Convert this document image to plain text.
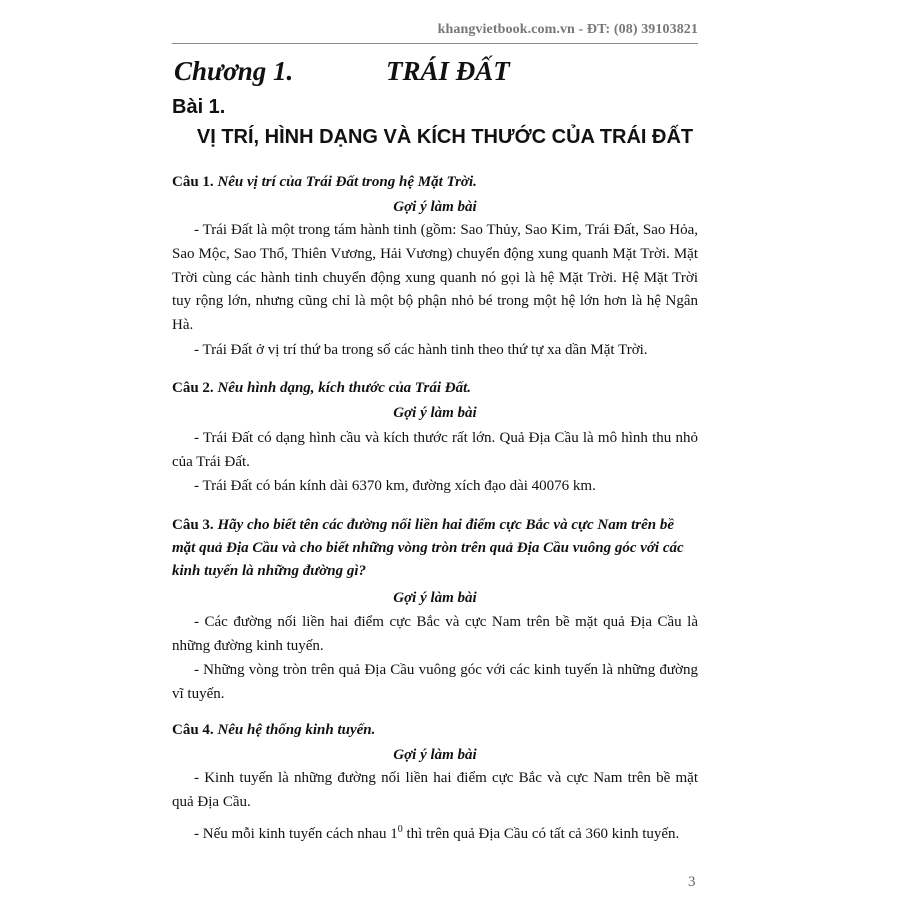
khangvietbook.com.vn - ĐT: (08) 39103821
Chương 1.	TRÁI ĐẤT
Bài 1.
VỊ TRÍ, HÌNH DẠNG VÀ KÍCH THƯỚC CỦA TRÁI ĐẤT
Câu 1. Nêu vị trí của Trái Đất trong hệ Mặt Trời.
Gợi ý làm bài
- Trái Đất là một trong tám hành tinh (gồm: Sao Thủy, Sao Kim, Trái Đất, Sao Hỏa, Sao Mộc, Sao Thổ, Thiên Vương, Hải Vương) chuyển động xung quanh Mặt Trời. Mặt Trời cùng các hành tinh chuyển động xung quanh nó gọi là hệ Mặt Trời. Hệ Mặt Trời tuy rộng lớn, nhưng cũng chỉ là một bộ phận nhỏ bé trong một hệ lớn hơn là hệ Ngân Hà.
- Trái Đất ở vị trí thứ ba trong số các hành tinh theo thứ tự xa dần Mặt Trời.
Câu 2. Nêu hình dạng, kích thước của Trái Đất.
Gợi ý làm bài
- Trái Đất có dạng hình cầu và kích thước rất lớn. Quả Địa Cầu là mô hình thu nhỏ của Trái Đất.
- Trái Đất có bán kính dài 6370 km, đường xích đạo dài 40076 km.
Câu 3. Hãy cho biết tên các đường nối liền hai điểm cực Bắc và cực Nam trên bề mặt quả Địa Cầu và cho biết những vòng tròn trên quả Địa Cầu vuông góc với các kinh tuyến là những đường gì?
Gợi ý làm bài
- Các đường nối liền hai điểm cực Bắc và cực Nam trên bề mặt quả Địa Cầu là những đường kinh tuyến.
- Những vòng tròn trên quả Địa Cầu vuông góc với các kinh tuyến là những đường vĩ tuyến.
Câu 4. Nêu hệ thống kinh tuyến.
Gợi ý làm bài
- Kinh tuyến là những đường nối liền hai điểm cực Bắc và cực Nam trên bề mặt quả Địa Cầu.
- Nếu mỗi kinh tuyến cách nhau $1^0$ thì trên quả Địa Cầu có tất cả 360 kinh tuyến.
3
